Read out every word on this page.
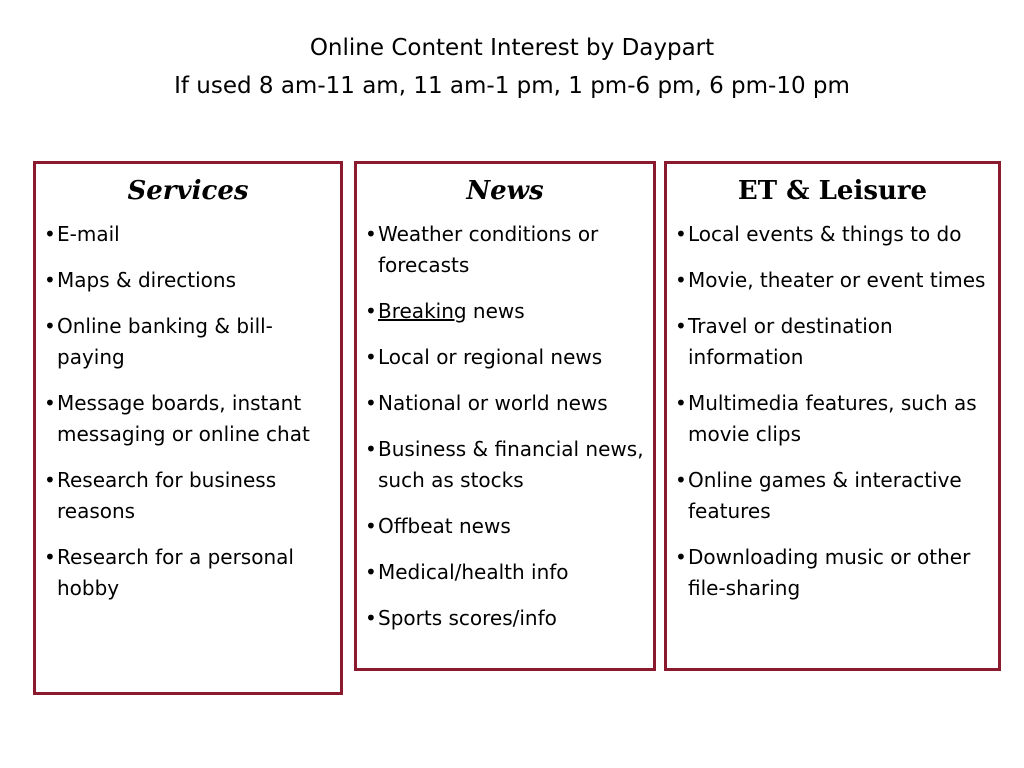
Online Content Interest by Daypart
If used 8 am-11 am, 11 am-1 pm, 1 pm-6 pm, 6 pm-10 pm
Services
• E-mail
• Maps & directions
• Online banking & bill-paying
• Message boards, instant messaging or online chat
• Research for business reasons
• Research for a personal hobby
News
• Weather conditions or forecasts
• Breaking news
• Local or regional news
• National or world news
• Business & financial news, such as stocks
• Offbeat news
• Medical/health info
• Sports scores/info
ET & Leisure
• Local events & things to do
• Movie, theater or event times
• Travel or destination information
• Multimedia features, such as movie clips
• Online games & interactive features
• Downloading music or other file-sharing
